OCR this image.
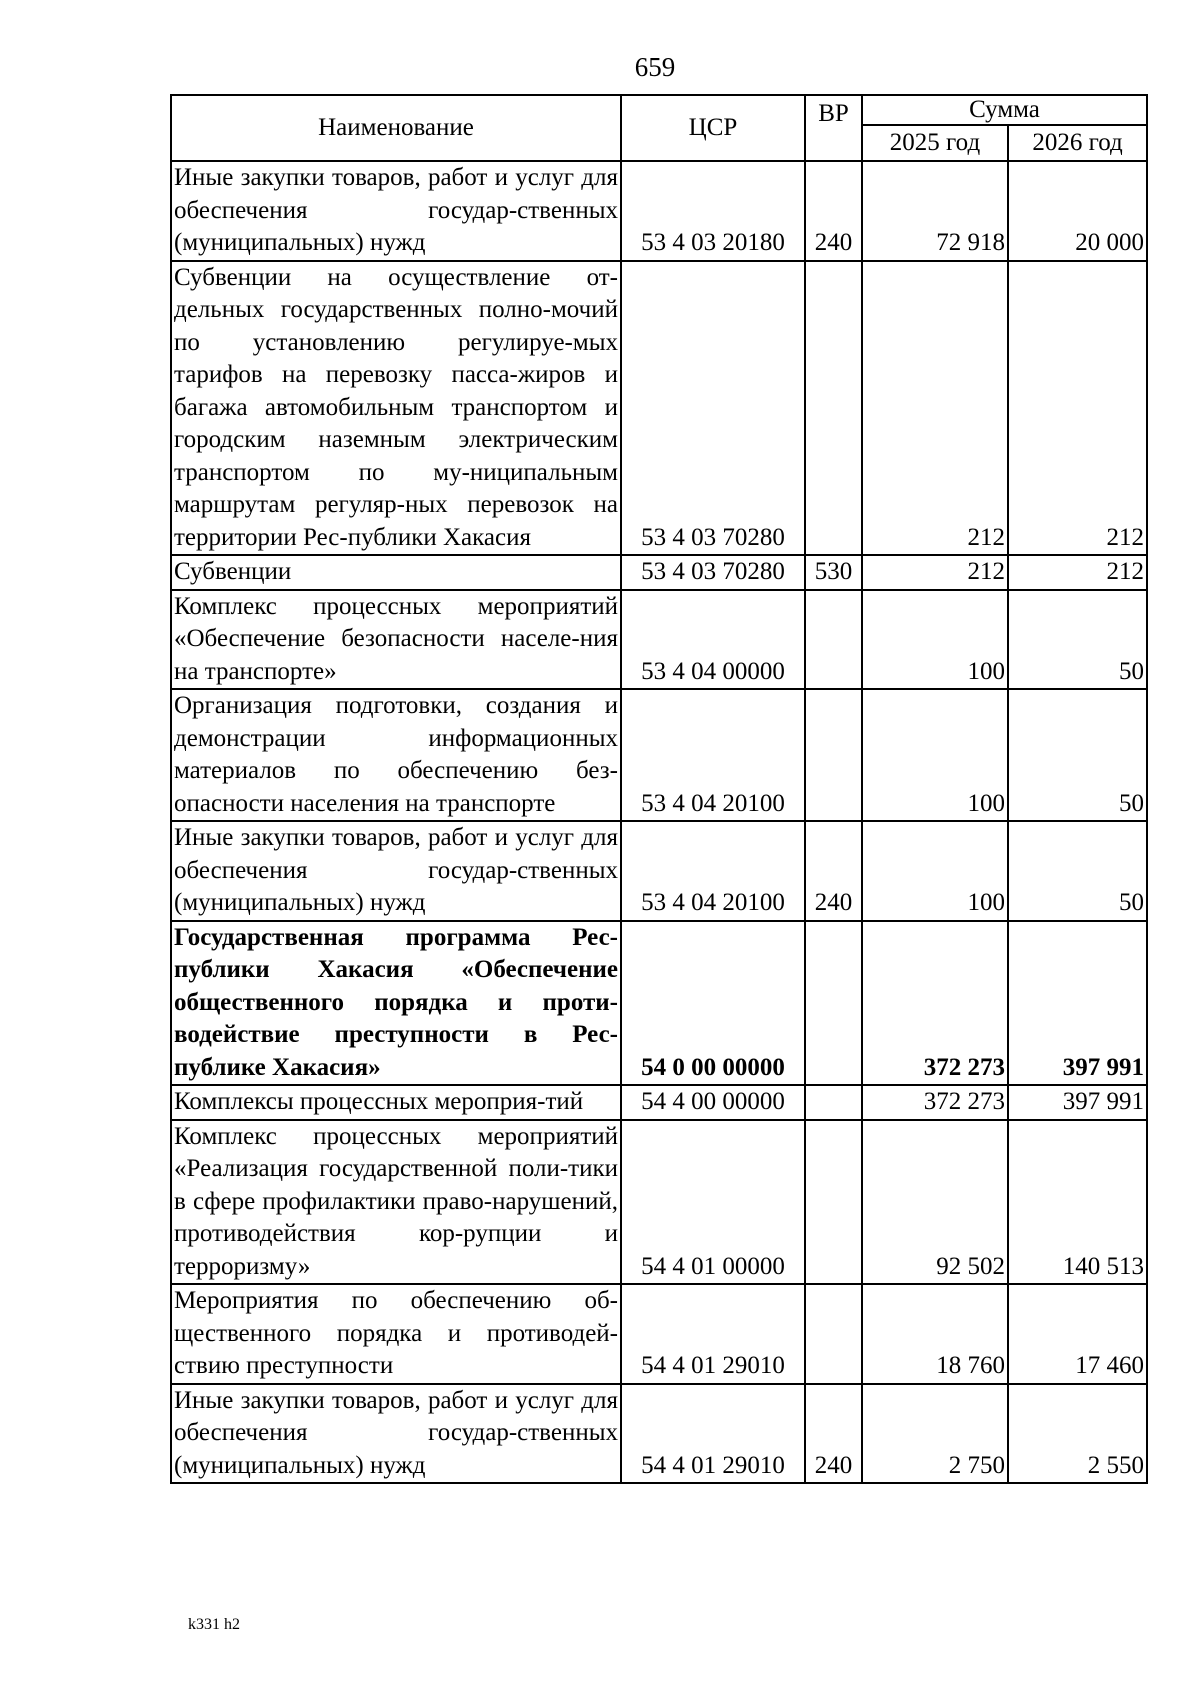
659
Наименование	ЦСР	ВР	Сумма	
			2025 год	2026 год
Иные закупки товаров, работ и услуг для обеспечения государ-ственных (муниципальных) нужд	53 4 03 20180	240	72 918	20 000
Субвенции на осуществление от-дельных государственных полно-мочий по установлению регулируе-мых тарифов на перевозку пасса-жиров и багажа автомобильным транспортом и городским наземным электрическим транспортом по му-ниципальным маршрутам регуляр-ных перевозок на территории Рес-публики Хакасия	53 4 03 70280		212	212
Субвенции	53 4 03 70280	530	212	212
Комплекс процессных мероприятий «Обеспечение безопасности населе-ния на транспорте»	53 4 04 00000		100	50
Организация подготовки, создания и демонстрации информационных материалов по обеспечению без-опасности населения на транспорте	53 4 04 20100		100	50
Иные закупки товаров, работ и услуг для обеспечения государ-ственных (муниципальных) нужд	53 4 04 20100	240	100	50
Государственная программа Рес-публики Хакасия «Обеспечение общественного порядка и проти-водействие преступности в Рес-публике Хакасия»	54 0 00 00000		372 273	397 991
Комплексы процессных мероприя-тий	54 4 00 00000		372 273	397 991
Комплекс процессных мероприятий «Реализация государственной поли-тики в сфере профилактики право-нарушений, противодействия кор-рупции и терроризму»	54 4 01 00000		92 502	140 513
Мероприятия по обеспечению об-щественного порядка и противодей-ствию преступности	54 4 01 29010		18 760	17 460
Иные закупки товаров, работ и услуг для обеспечения государ-ственных (муниципальных) нужд	54 4 01 29010	240	2 750	2 550
k331 h2
